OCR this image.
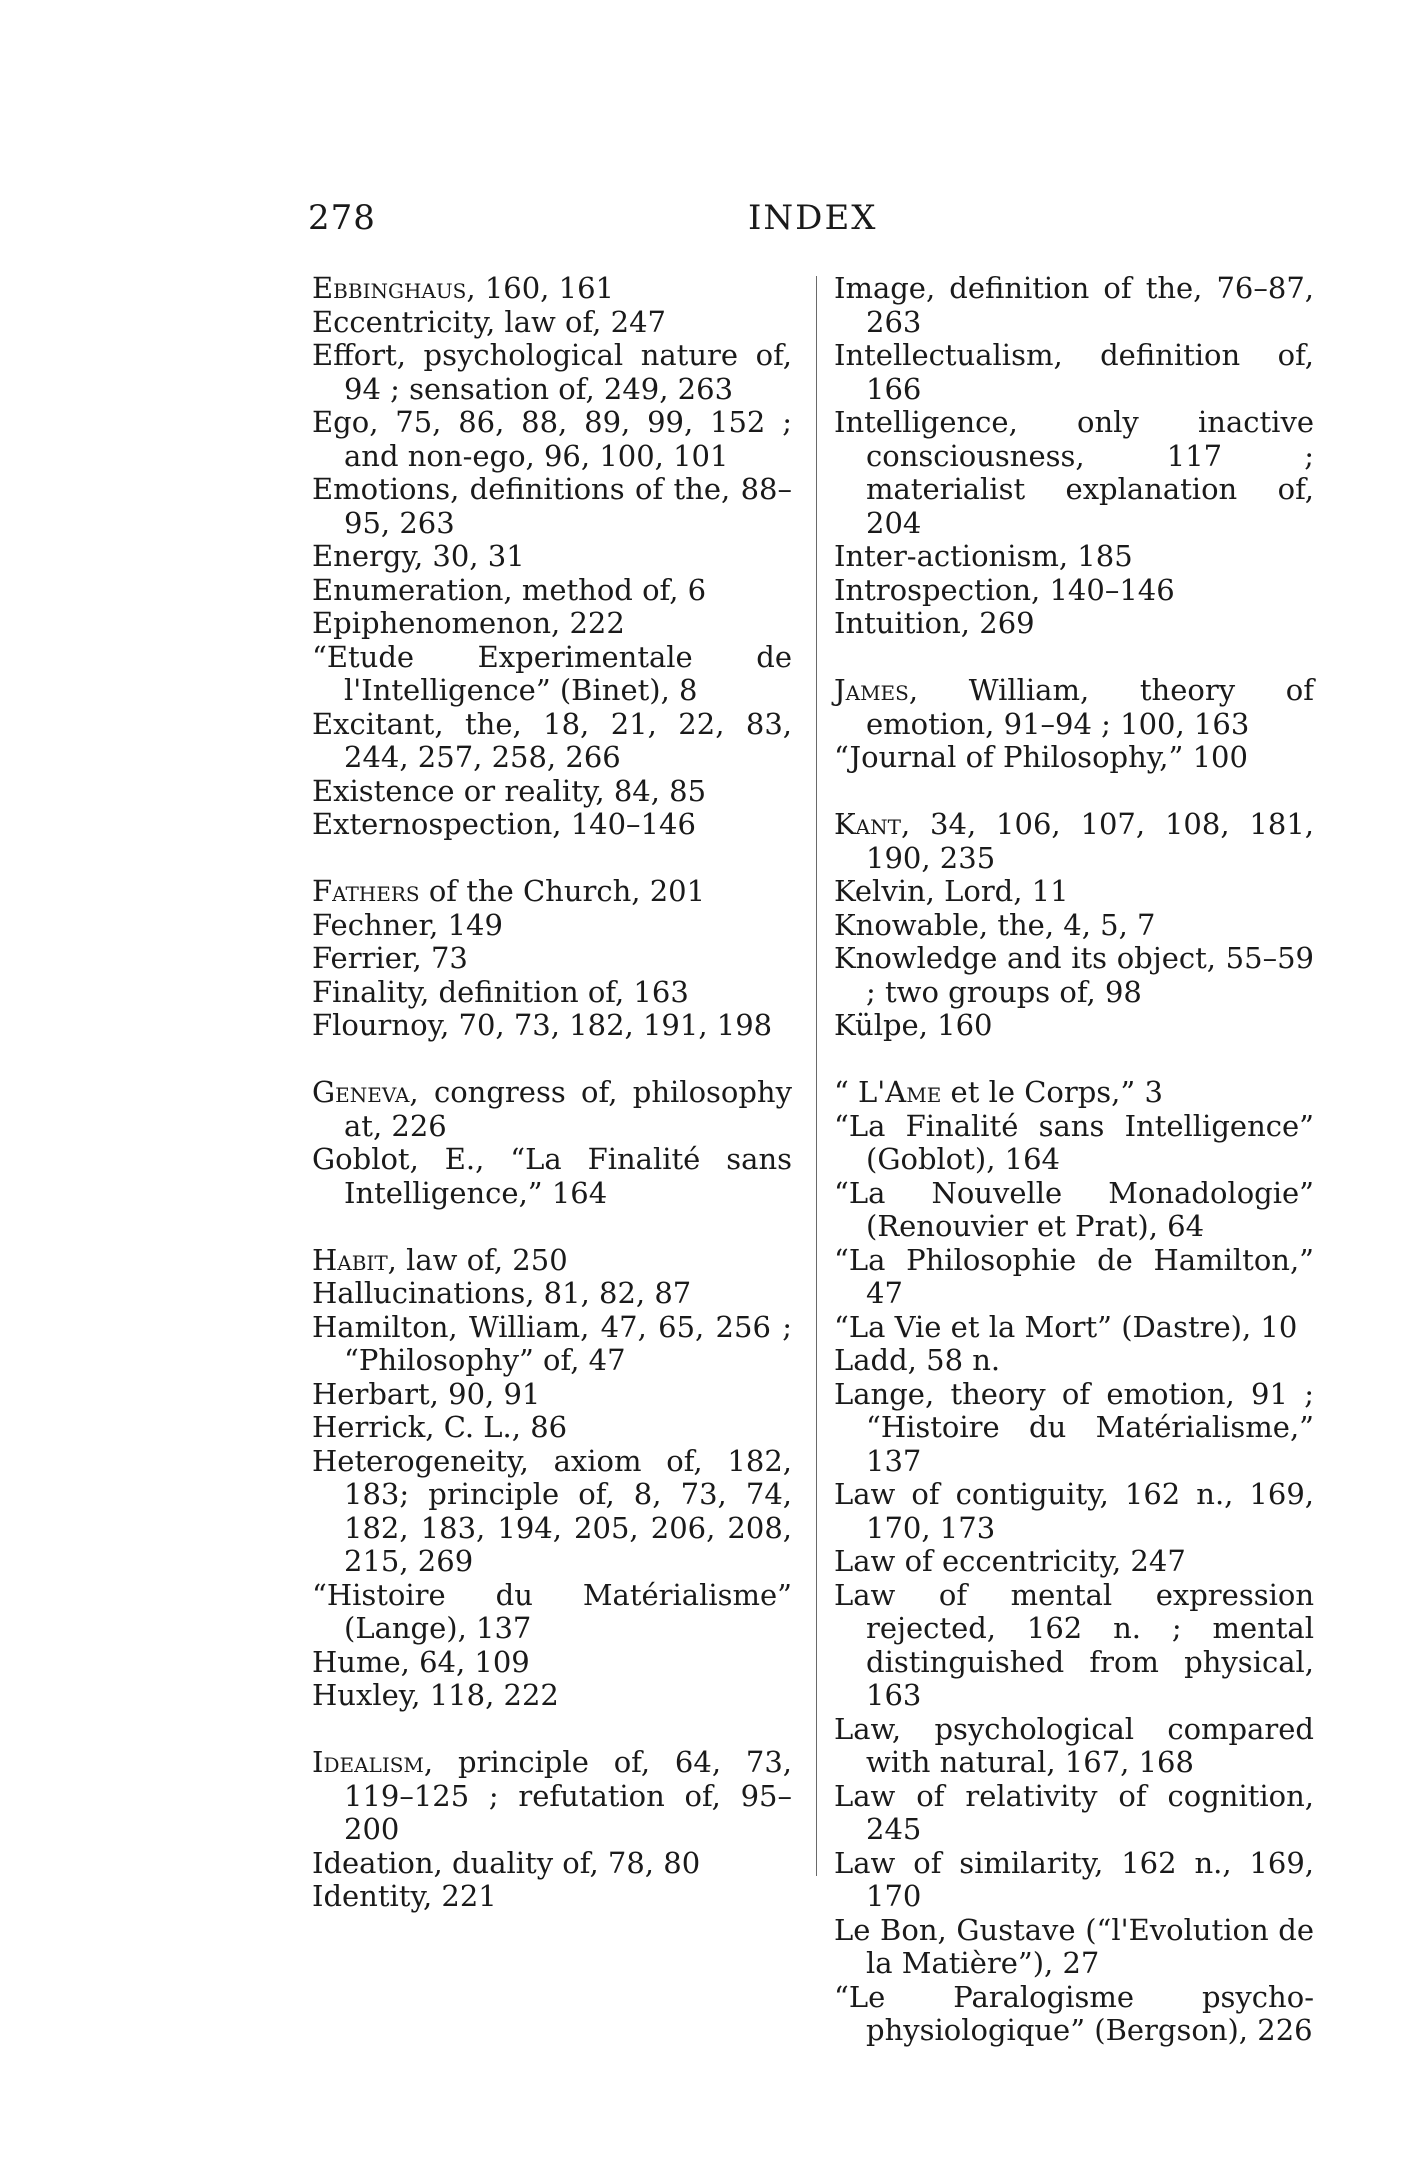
278	INDEX
Ebbinghaus, 160, 161
Eccentricity, law of, 247
Effort, psychological nature of, 94 ; sensation of, 249, 263
Ego, 75, 86, 88, 89, 99, 152 ; and non-ego, 96, 100, 101
Emotions, definitions of the, 88–95, 263
Energy, 30, 31
Enumeration, method of, 6
Epiphenomenon, 222
“Etude Experimentale de l'Intelligence” (Binet), 8
Excitant, the, 18, 21, 22, 83, 244, 257, 258, 266
Existence or reality, 84, 85
Externospection, 140–146
Fathers of the Church, 201
Fechner, 149
Ferrier, 73
Finality, definition of, 163
Flournoy, 70, 73, 182, 191, 198
Geneva, congress of, philosophy at, 226
Goblot, E., “La Finalité sans Intelligence,” 164
Habit, law of, 250
Hallucinations, 81, 82, 87
Hamilton, William, 47, 65, 256 ; “Philosophy” of, 47
Herbart, 90, 91
Herrick, C. L., 86
Heterogeneity, axiom of, 182, 183; principle of, 8, 73, 74, 182, 183, 194, 205, 206, 208, 215, 269
“Histoire du Matérialisme” (Lange), 137
Hume, 64, 109
Huxley, 118, 222
Idealism, principle of, 64, 73, 119–125 ; refutation of, 95–200
Ideation, duality of, 78, 80
Identity, 221
Image, definition of the, 76–87, 263
Intellectualism, definition of, 166
Intelligence, only inactive consciousness, 117 ; materialist explanation of, 204
Inter-actionism, 185
Introspection, 140–146
Intuition, 269
James, William, theory of emotion, 91–94 ; 100, 163
“Journal of Philosophy,” 100
Kant, 34, 106, 107, 108, 181, 190, 235
Kelvin, Lord, 11
Knowable, the, 4, 5, 7
Knowledge and its object, 55–59 ; two groups of, 98
Külpe, 160
“ L'Ame et le Corps,” 3
“La Finalité sans Intelligence” (Goblot), 164
“La Nouvelle Monadologie” (Renouvier et Prat), 64
“La Philosophie de Hamilton,” 47
“La Vie et la Mort” (Dastre), 10
Ladd, 58 n.
Lange, theory of emotion, 91 ; “Histoire du Matérialisme,” 137
Law of contiguity, 162 n., 169, 170, 173
Law of eccentricity, 247
Law of mental expression rejected, 162 n. ; mental distinguished from physical, 163
Law, psychological compared with natural, 167, 168
Law of relativity of cognition, 245
Law of similarity, 162 n., 169, 170
Le Bon, Gustave (“l'Evolution de la Matière”), 27
“Le Paralogisme psycho-physiologique” (Bergson), 226
